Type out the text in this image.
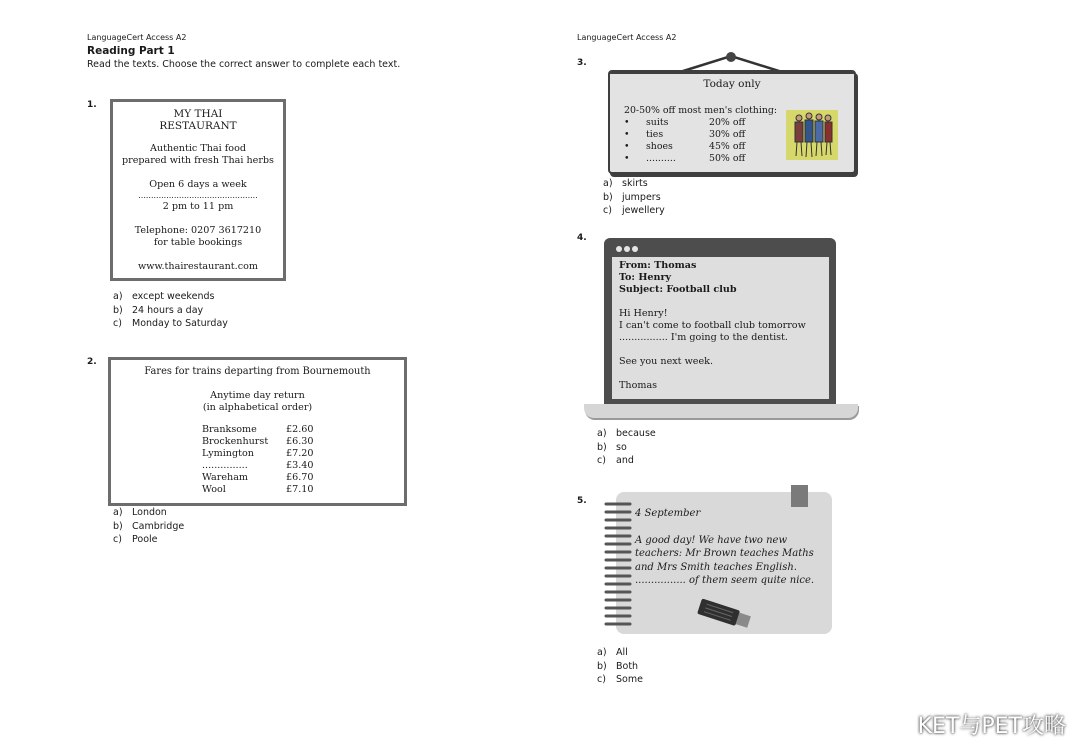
LanguageCert Access A2
Reading Part 1
Read the texts. Choose the correct answer to complete each text.
1.
MY THAI
RESTAURANT
Authentic Thai food
prepared with fresh Thai herbs
Open 6 days a week
...............................................
2 pm to 11 pm
Telephone: 0207 3617210
for table bookings
www.thairestaurant.com
a) except weekends
b) 24 hours a day
c) Monday to Saturday
2.
Fares for trains departing from Bournemouth
Anytime day return
(in alphabetical order)
Branksome	£2.60
Brockenhurst	£6.30
Lymington	£7.20
...............	£3.40
Wareham	£6.70
Wool	£7.10
a) London
b) Cambridge
c) Poole
LanguageCert Access A2
3.
Today only
20-50% off most men's clothing:
• suits	20% off
• ties	30% off
• shoes	45% off
• ..........	50% off
a) skirts
b) jumpers
c) jewellery
4.
From: Thomas
To: Henry
Subject: Football club
Hi Henry!
I can't come to football club tomorrow
................ I'm going to the dentist.
See you next week.
Thomas
a) because
b) so
c) and
5.
4 September
A good day! We have two new
teachers: Mr Brown teaches Maths
and Mrs Smith teaches English.
................ of them seem quite nice.
a) All
b) Both
c) Some
KET与PET攻略
